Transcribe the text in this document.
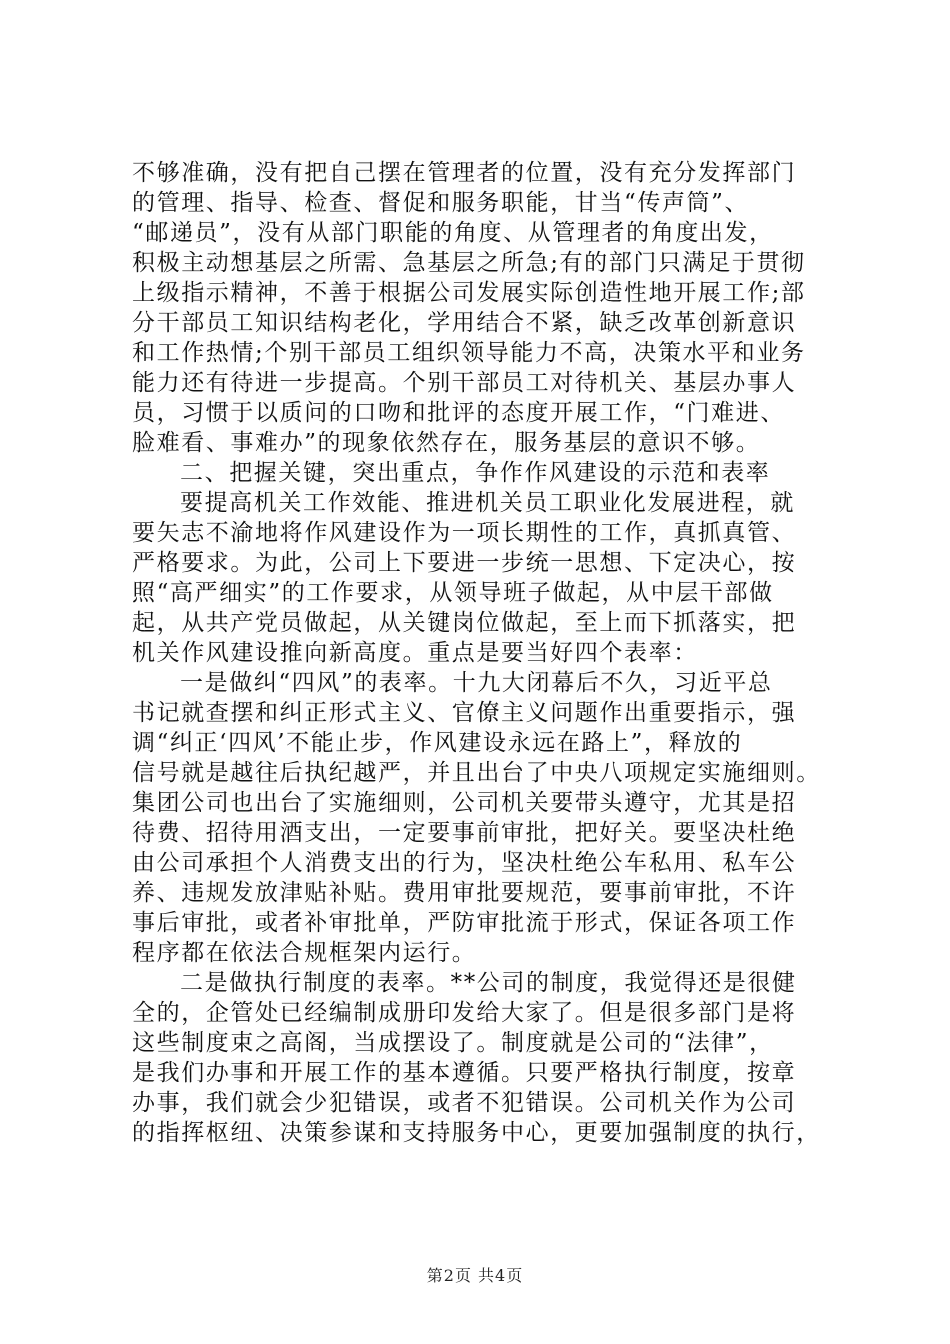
不够准确，没有把自己摆在管理者的位置，没有充分发挥部门
的管理、指导、检查、督促和服务职能，甘当“传声筒”、
“邮递员”，没有从部门职能的角度、从管理者的角度出发，
积极主动想基层之所需、急基层之所急;有的部门只满足于贯彻
上级指示精神，不善于根据公司发展实际创造性地开展工作;部
分干部员工知识结构老化，学用结合不紧，缺乏改革创新意识
和工作热情;个别干部员工组织领导能力不高，决策水平和业务
能力还有待进一步提高。个别干部员工对待机关、基层办事人
员，习惯于以质问的口吻和批评的态度开展工作，“门难进、
脸难看、事难办”的现象依然存在，服务基层的意识不够。
二、把握关键，突出重点，争作作风建设的示范和表率
要提高机关工作效能、推进机关员工职业化发展进程，就
要矢志不渝地将作风建设作为一项长期性的工作，真抓真管、
严格要求。为此，公司上下要进一步统一思想、下定决心，按
照“高严细实”的工作要求，从领导班子做起，从中层干部做
起，从共产党员做起，从关键岗位做起，至上而下抓落实，把
机关作风建设推向新高度。重点是要当好四个表率：
一是做纠“四风”的表率。十九大闭幕后不久，习近平总
书记就查摆和纠正形式主义、官僚主义问题作出重要指示，强
调“纠正‘四风’不能止步，作风建设永远在路上”，释放的
信号就是越往后执纪越严，并且出台了中央八项规定实施细则。
集团公司也出台了实施细则，公司机关要带头遵守，尤其是招
待费、招待用酒支出，一定要事前审批，把好关。要坚决杜绝
由公司承担个人消费支出的行为，坚决杜绝公车私用、私车公
养、违规发放津贴补贴。费用审批要规范，要事前审批，不许
事后审批，或者补审批单，严防审批流于形式，保证各项工作
程序都在依法合规框架内运行。
二是做执行制度的表率。**公司的制度，我觉得还是很健
全的，企管处已经编制成册印发给大家了。但是很多部门是将
这些制度束之高阁，当成摆设了。制度就是公司的“法律”，
是我们办事和开展工作的基本遵循。只要严格执行制度，按章
办事，我们就会少犯错误，或者不犯错误。公司机关作为公司
的指挥枢纽、决策参谋和支持服务中心，更要加强制度的执行，
第2页 共4页
